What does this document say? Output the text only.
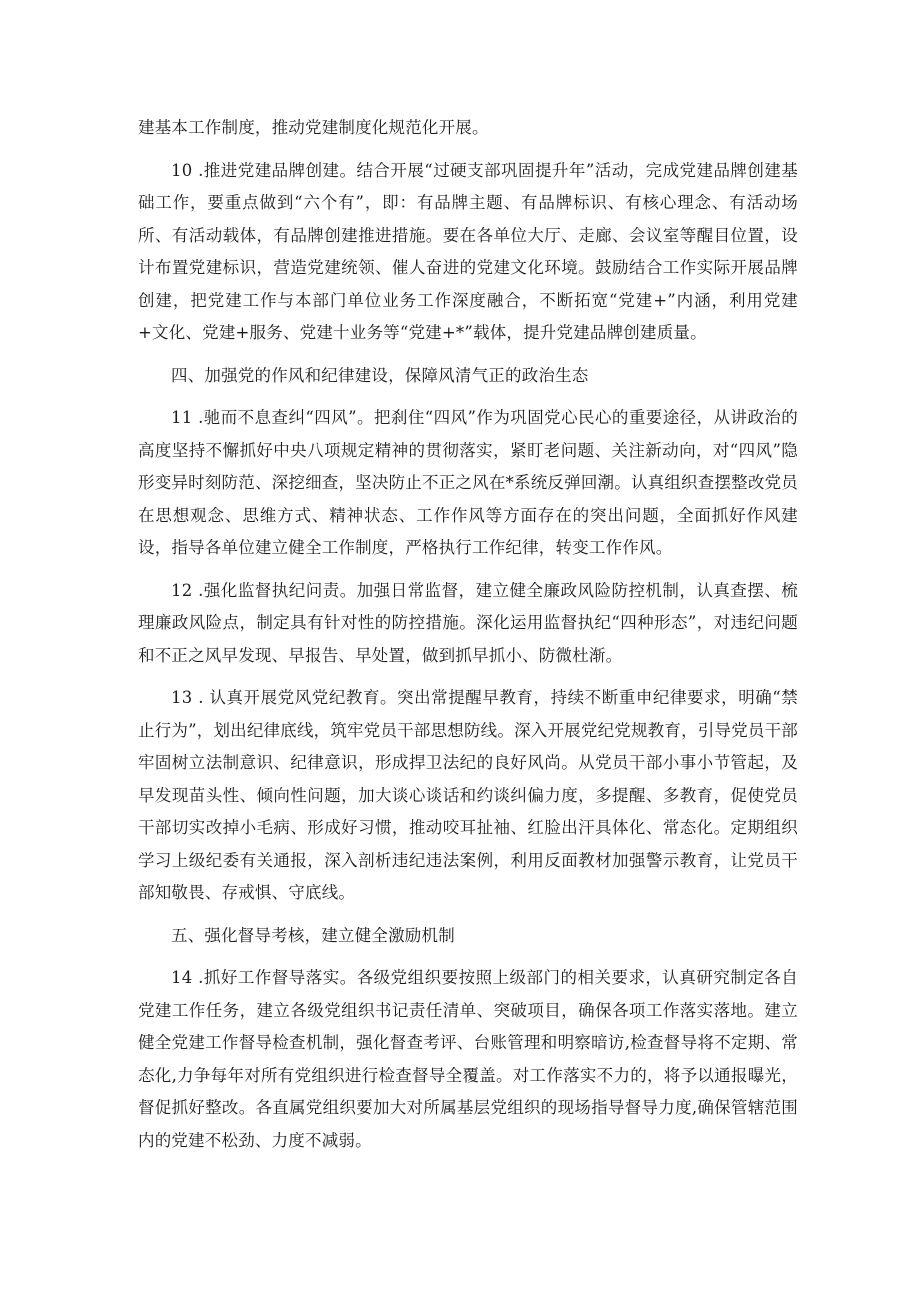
建基本工作制度，推动党建制度化规范化开展。

10 .推进党建品牌创建。结合开展“过硬支部巩固提升年”活动，完成党建品牌创建基础工作，要重点做到“六个有”，即：有品牌主题、有品牌标识、有核心理念、有活动场所、有活动载体，有品牌创建推进措施。要在各单位大厅、走廊、会议室等醒目位置，设计布置党建标识，营造党建统领、催人奋进的党建文化环境。鼓励结合工作实际开展品牌创建，把党建工作与本部门单位业务工作深度融合，不断拓宽“党建+”内涵，利用党建+文化、党建+服务、党建十业务等“党建+*”载体，提升党建品牌创建质量。

四、加强党的作风和纪律建设，保障风清气正的政治生态

11 .驰而不息查纠“四风”。把刹住“四风”作为巩固党心民心的重要途径，从讲政治的高度坚持不懈抓好中央八项规定精神的贯彻落实，紧盯老问题、关注新动向，对“四风”隐形变异时刻防范、深挖细查，坚决防止不正之风在*系统反弹回潮。认真组织查摆整改党员在思想观念、思维方式、精神状态、工作作风等方面存在的突出问题，全面抓好作风建设，指导各单位建立健全工作制度，严格执行工作纪律，转变工作作风。

12 .强化监督执纪问责。加强日常监督，建立健全廉政风险防控机制，认真查摆、梳理廉政风险点，制定具有针对性的防控措施。深化运用监督执纪“四种形态”，对违纪问题和不正之风早发现、早报告、早处置，做到抓早抓小、防微杜渐。

13 . 认真开展党风党纪教育。突出常提醒早教育，持续不断重申纪律要求，明确“禁止行为”，划出纪律底线，筑牢党员干部思想防线。深入开展党纪党规教育，引导党员干部牢固树立法制意识、纪律意识，形成捍卫法纪的良好风尚。从党员干部小事小节管起，及早发现苗头性、倾向性问题，加大谈心谈话和约谈纠偏力度，多提醒、多教育，促使党员干部切实改掉小毛病、形成好习惯，推动咬耳扯袖、红脸出汗具体化、常态化。定期组织学习上级纪委有关通报，深入剖析违纪违法案例，利用反面教材加强警示教育，让党员干部知敬畏、存戒惧、守底线。

五、强化督导考核，建立健全激励机制

14 .抓好工作督导落实。各级党组织要按照上级部门的相关要求，认真研究制定各自党建工作任务，建立各级党组织书记责任清单、突破项目，确保各项工作落实落地。建立健全党建工作督导检查机制，强化督查考评、台账管理和明察暗访,检查督导将不定期、常态化,力争每年对所有党组织进行检查督导全覆盖。对工作落实不力的，将予以通报曝光，督促抓好整改。各直属党组织要加大对所属基层党组织的现场指导督导力度,确保管辖范围内的党建不松劲、力度不减弱。
